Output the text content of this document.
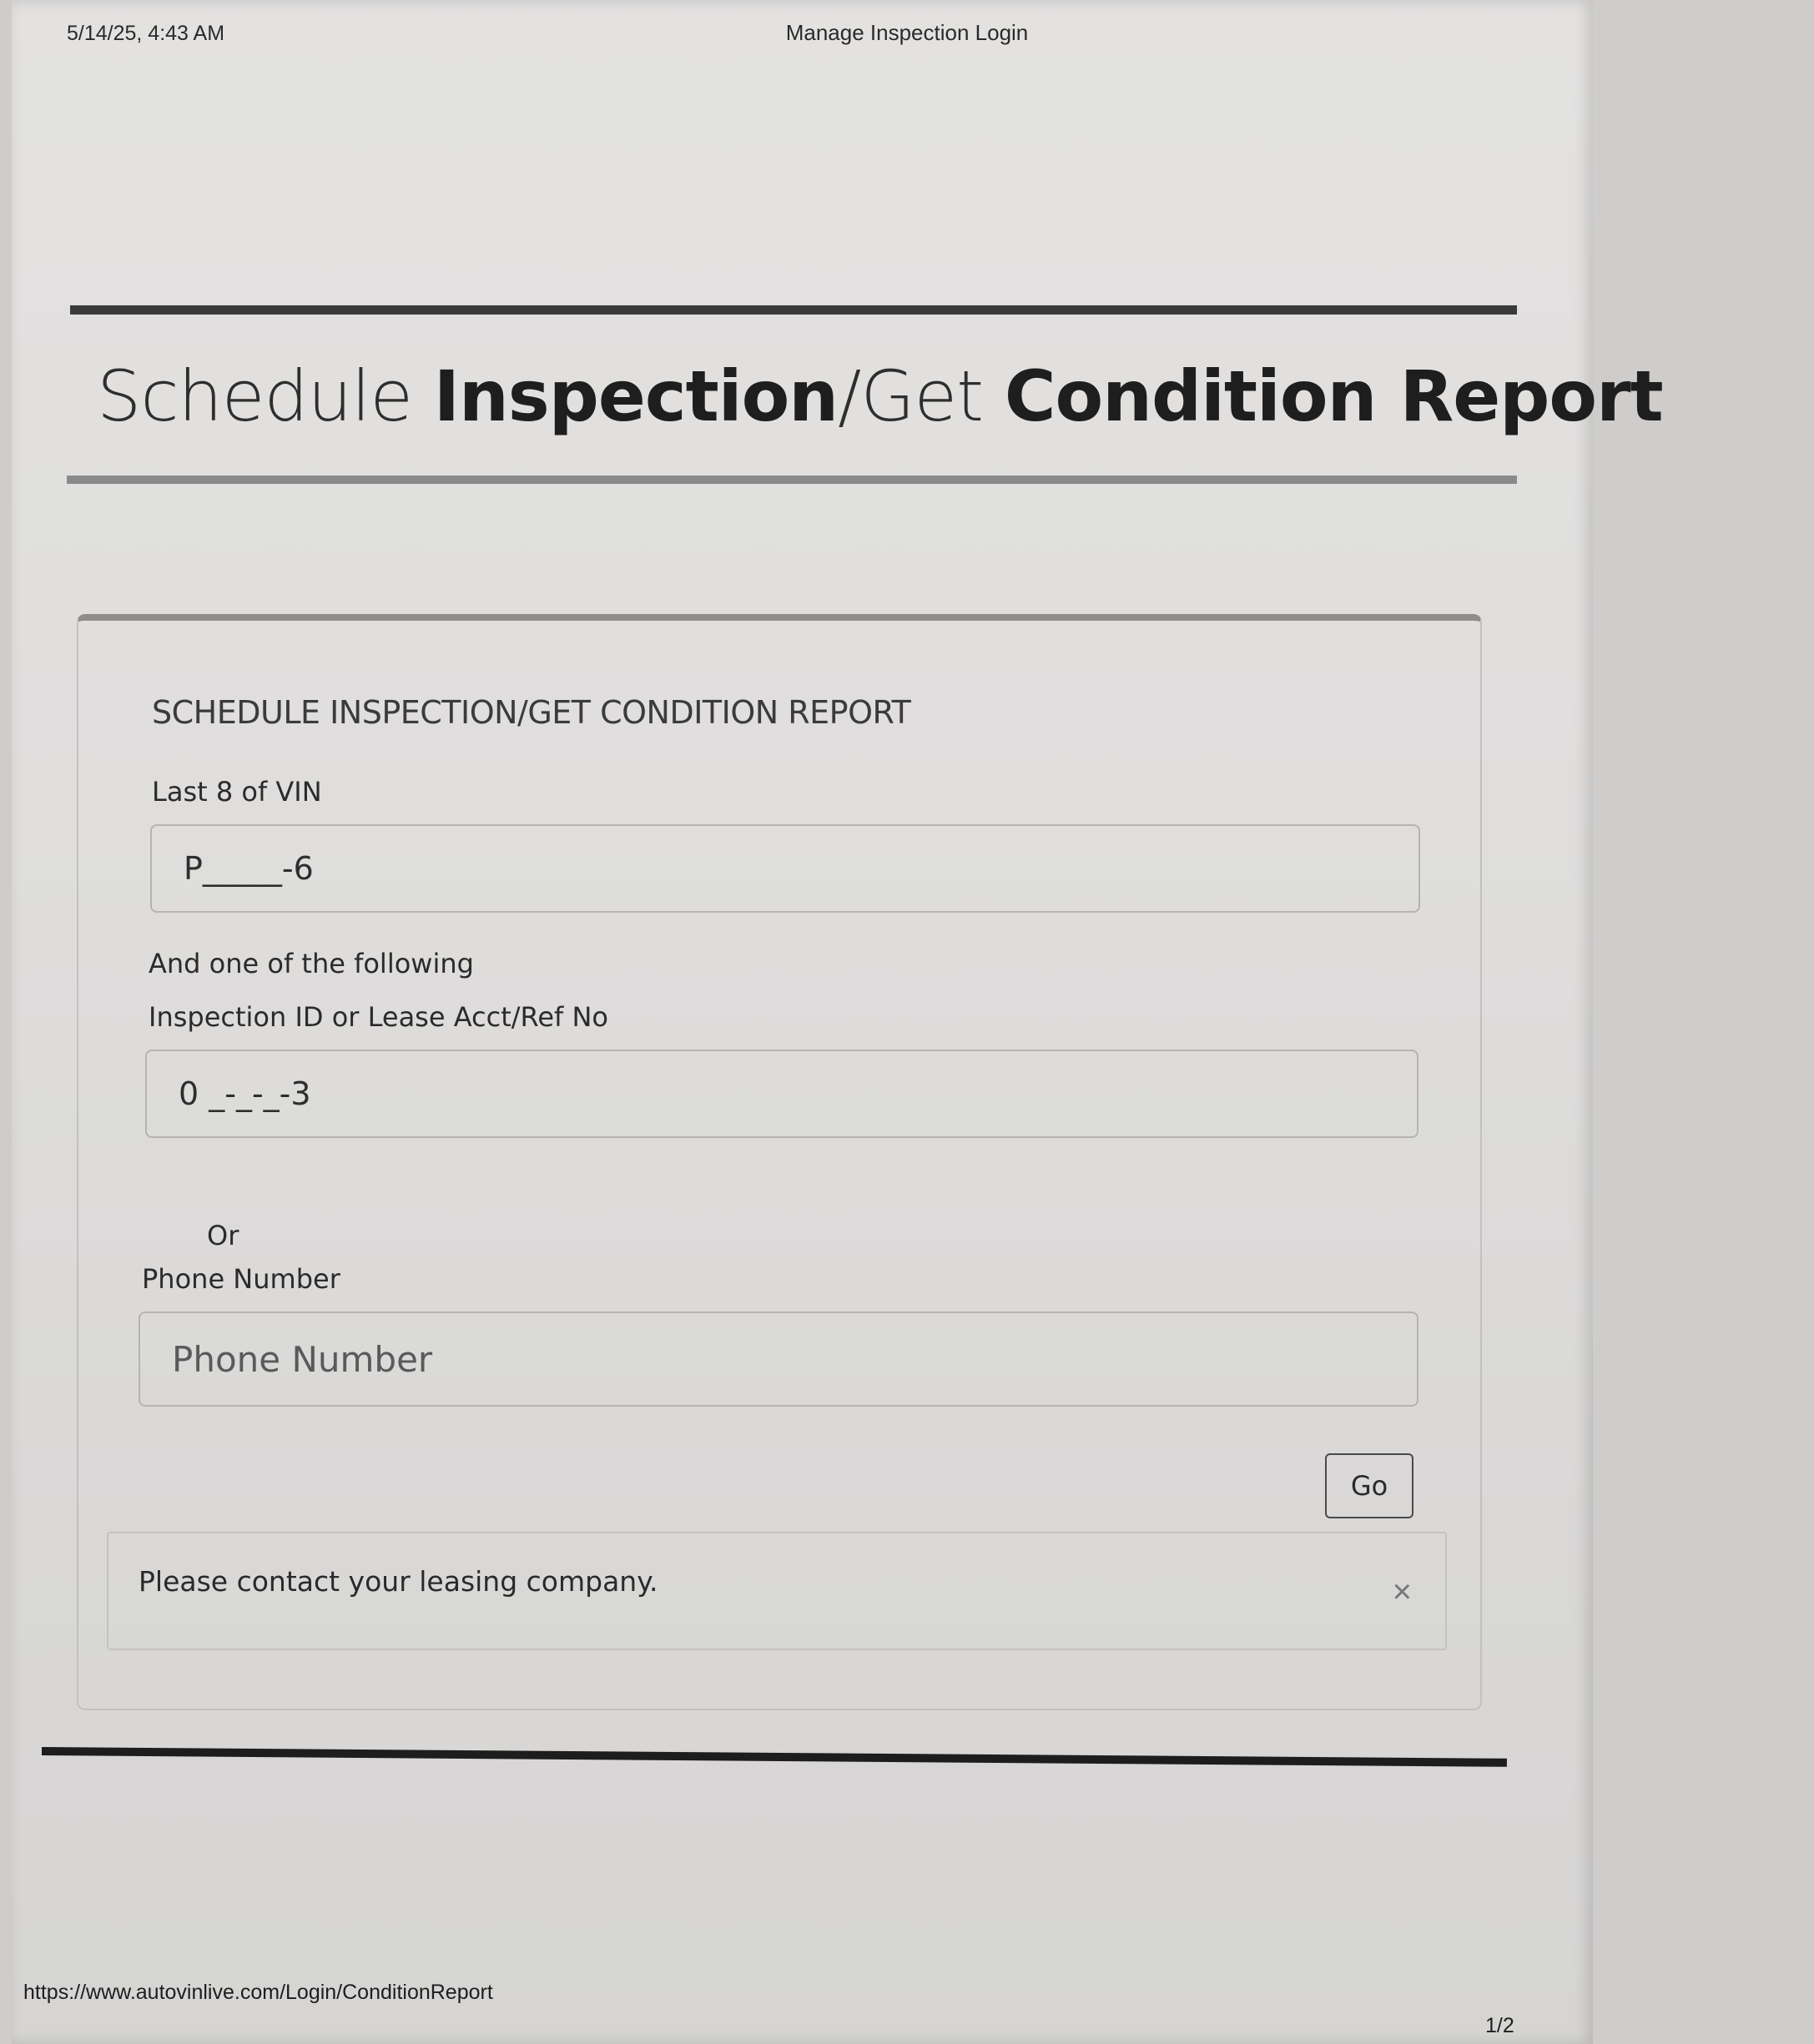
5/14/25, 4:43 AM	Manage Inspection Login
Schedule Inspection/Get Condition Report
SCHEDULE INSPECTION/GET CONDITION REPORT
Last 8 of VIN
P_____-6
And one of the following
Inspection ID or Lease Acct/Ref No
0 _-_-_-3
Or
Phone Number
Phone Number
Go
Please contact your leasing company.	×
https://www.autovinlive.com/Login/ConditionReport
1/2
